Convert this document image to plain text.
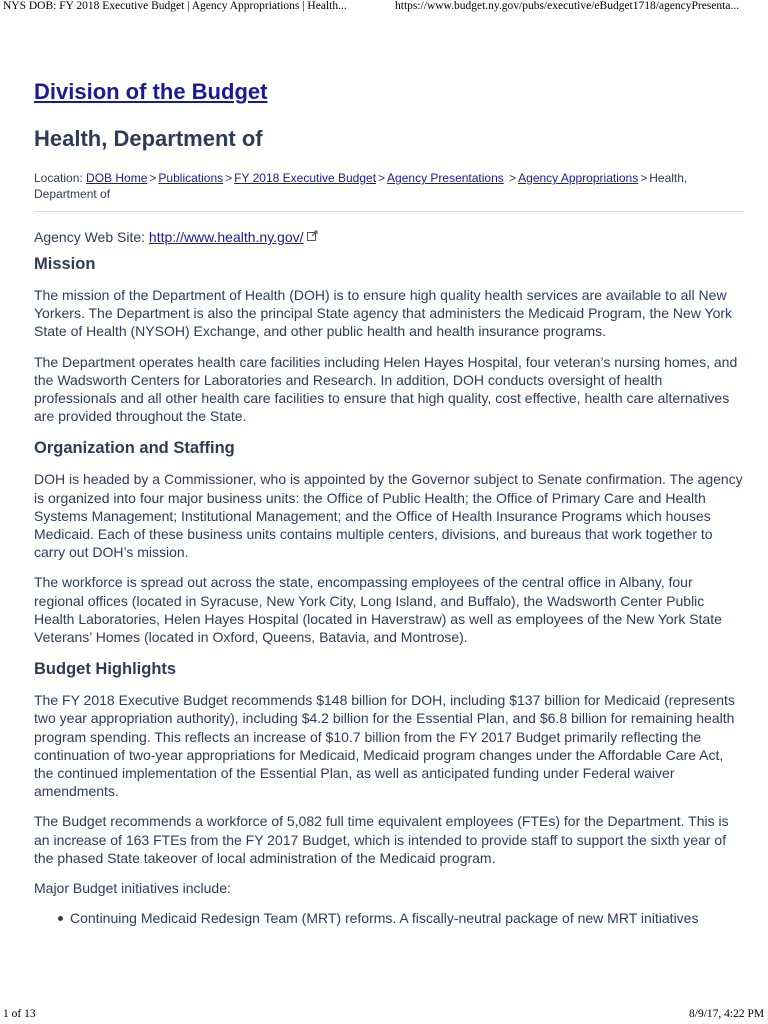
NYS DOB: FY 2018 Executive Budget | Agency Appropriations | Health...	https://www.budget.ny.gov/pubs/executive/eBudget1718/agencyPresenta...
Division of the Budget
Health, Department of
Location: DOB Home > Publications > FY 2018 Executive Budget > Agency Presentations > Agency Appropriations > Health, Department of
Agency Web Site: http://www.health.ny.gov/
Mission

The mission of the Department of Health (DOH) is to ensure high quality health services are available to all New Yorkers. The Department is also the principal State agency that administers the Medicaid Program, the New York State of Health (NYSOH) Exchange, and other public health and health insurance programs.

The Department operates health care facilities including Helen Hayes Hospital, four veteran’s nursing homes, and the Wadsworth Centers for Laboratories and Research. In addition, DOH conducts oversight of health professionals and all other health care facilities to ensure that high quality, cost effective, health care alternatives are provided throughout the State.

Organization and Staffing

DOH is headed by a Commissioner, who is appointed by the Governor subject to Senate confirmation. The agency is organized into four major business units: the Office of Public Health; the Office of Primary Care and Health Systems Management; Institutional Management; and the Office of Health Insurance Programs which houses Medicaid. Each of these business units contains multiple centers, divisions, and bureaus that work together to carry out DOH’s mission.

The workforce is spread out across the state, encompassing employees of the central office in Albany, four regional offices (located in Syracuse, New York City, Long Island, and Buffalo), the Wadsworth Center Public Health Laboratories, Helen Hayes Hospital (located in Haverstraw) as well as employees of the New York State Veterans’ Homes (located in Oxford, Queens, Batavia, and Montrose).

Budget Highlights

The FY 2018 Executive Budget recommends $148 billion for DOH, including $137 billion for Medicaid (represents two year appropriation authority), including $4.2 billion for the Essential Plan, and $6.8 billion for remaining health program spending. This reflects an increase of $10.7 billion from the FY 2017 Budget primarily reflecting the continuation of two-year appropriations for Medicaid, Medicaid program changes under the Affordable Care Act, the continued implementation of the Essential Plan, as well as anticipated funding under Federal waiver amendments.

The Budget recommends a workforce of 5,082 full time equivalent employees (FTEs) for the Department. This is an increase of 163 FTEs from the FY 2017 Budget, which is intended to provide staff to support the sixth year of the phased State takeover of local administration of the Medicaid program.

Major Budget initiatives include:

Continuing Medicaid Redesign Team (MRT) reforms. A fiscally-neutral package of new MRT initiatives
1 of 13	8/9/17, 4:22 PM
